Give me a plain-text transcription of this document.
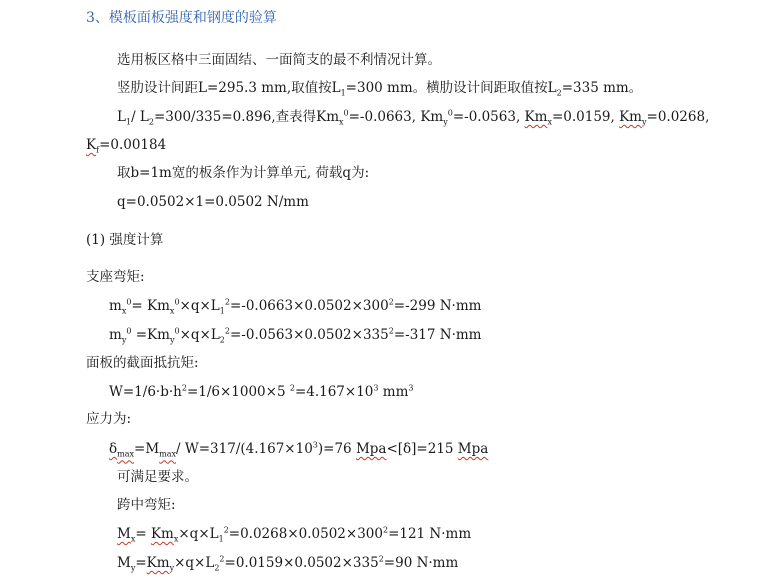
3、模板面板强度和钢度的验算
选用板区格中三面固结、一面简支的最不利情况计算。
竖肋设计间距L=295.3 mm,取值按$L_1=300$ mm。横肋设计间距取值按$L_2=335$ mm。
$L_1/$ $L_2=300/335=0.896$,查表得$Km_x^0=-0.0663$, $Km_y^0=-0.0563$, $Km_x=0.0159$, $Km_y=0.0268$,
$K_f=0.00184$
取b=1m宽的板条作为计算单元, 荷载q为:
q=0.0502×1=0.0502 N/mm
(1) 强度计算
支座弯矩:
$m_x^0= Km_x^0\times q\times L_1^2=-0.0663\times 0.0502\times 300^2=-299$ N·mm
$m_y^0 =Km_y^0\times q\times L_2^2=-0.0563\times 0.0502\times 335^2=-317$ N·mm
面板的截面抵抗矩:
$W=1/6\cdot b\cdot h^2=1/6\times 1000\times 5$ $^2=4.167\times 10^3$ $mm^3$
应力为:
$\delta_{max}=M_{max}/$ $W=317/(4.167\times 10^3)=76$ Mpa<[δ]=215 Mpa
可满足要求。
跨中弯矩:
$M_x= Km_x\times q\times L_1^2=0.0268\times 0.0502\times 300^2=121$ N·mm
$M_y=Km_y\times q\times L_2^2=0.0159\times 0.0502\times 335^2=90$ N·mm
